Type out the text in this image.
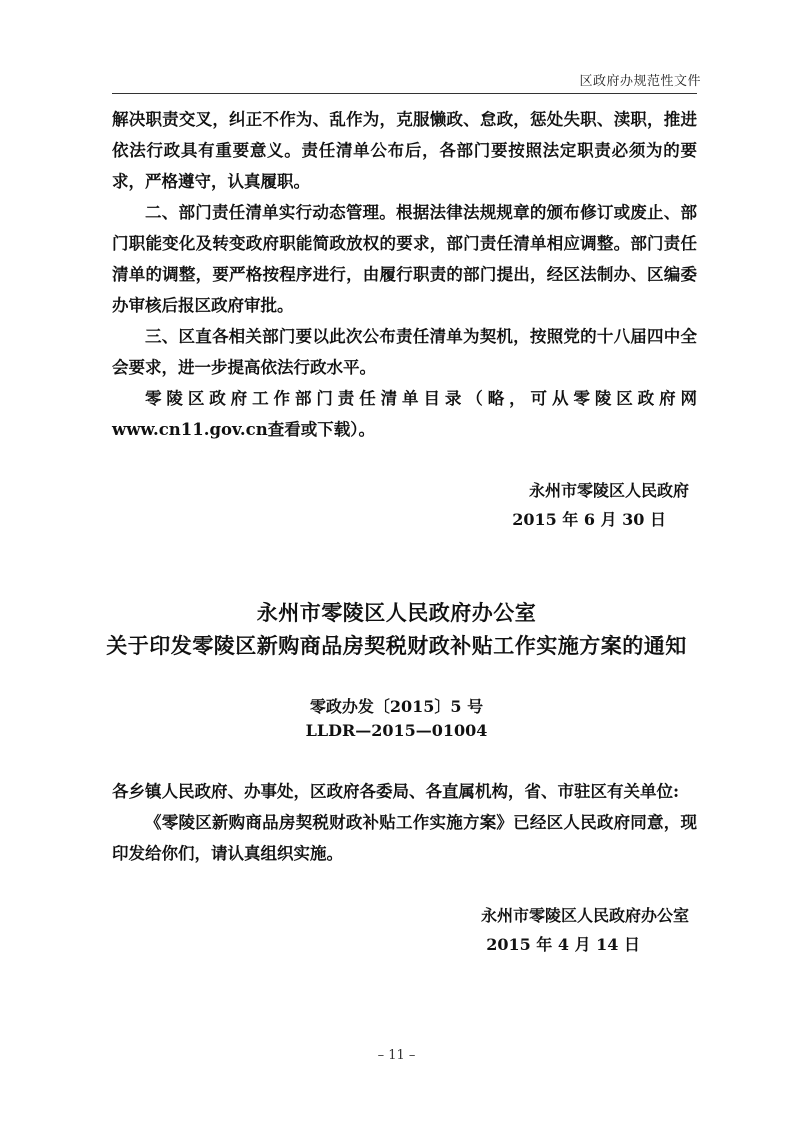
区政府办规范性文件

解决职责交叉，纠正不作为、乱作为，克服懒政、怠政，惩处失职、渎职，推进依法行政具有重要意义。责任清单公布后，各部门要按照法定职责必须为的要求，严格遵守，认真履职。

二、部门责任清单实行动态管理。根据法律法规规章的颁布修订或废止、部门职能变化及转变政府职能简政放权的要求，部门责任清单相应调整。部门责任清单的调整，要严格按程序进行，由履行职责的部门提出，经区法制办、区编委办审核后报区政府审批。

三、区直各相关部门要以此次公布责任清单为契机，按照党的十八届四中全会要求，进一步提高依法行政水平。

零陵区政府工作部门责任清单目录（略，可从零陵区政府网 www.cn11.gov.cn查看或下载）。

永州市零陵区人民政府
2015 年 6 月 30 日
永州市零陵区人民政府办公室
关于印发零陵区新购商品房契税财政补贴工作实施方案的通知
零政办发〔2015〕5 号
LLDR—2015—01004

各乡镇人民政府、办事处，区政府各委局、各直属机构，省、市驻区有关单位:

《零陵区新购商品房契税财政补贴工作实施方案》已经区人民政府同意，现印发给你们，请认真组织实施。

永州市零陵区人民政府办公室
2015 年 4 月 14 日
– 11 –
